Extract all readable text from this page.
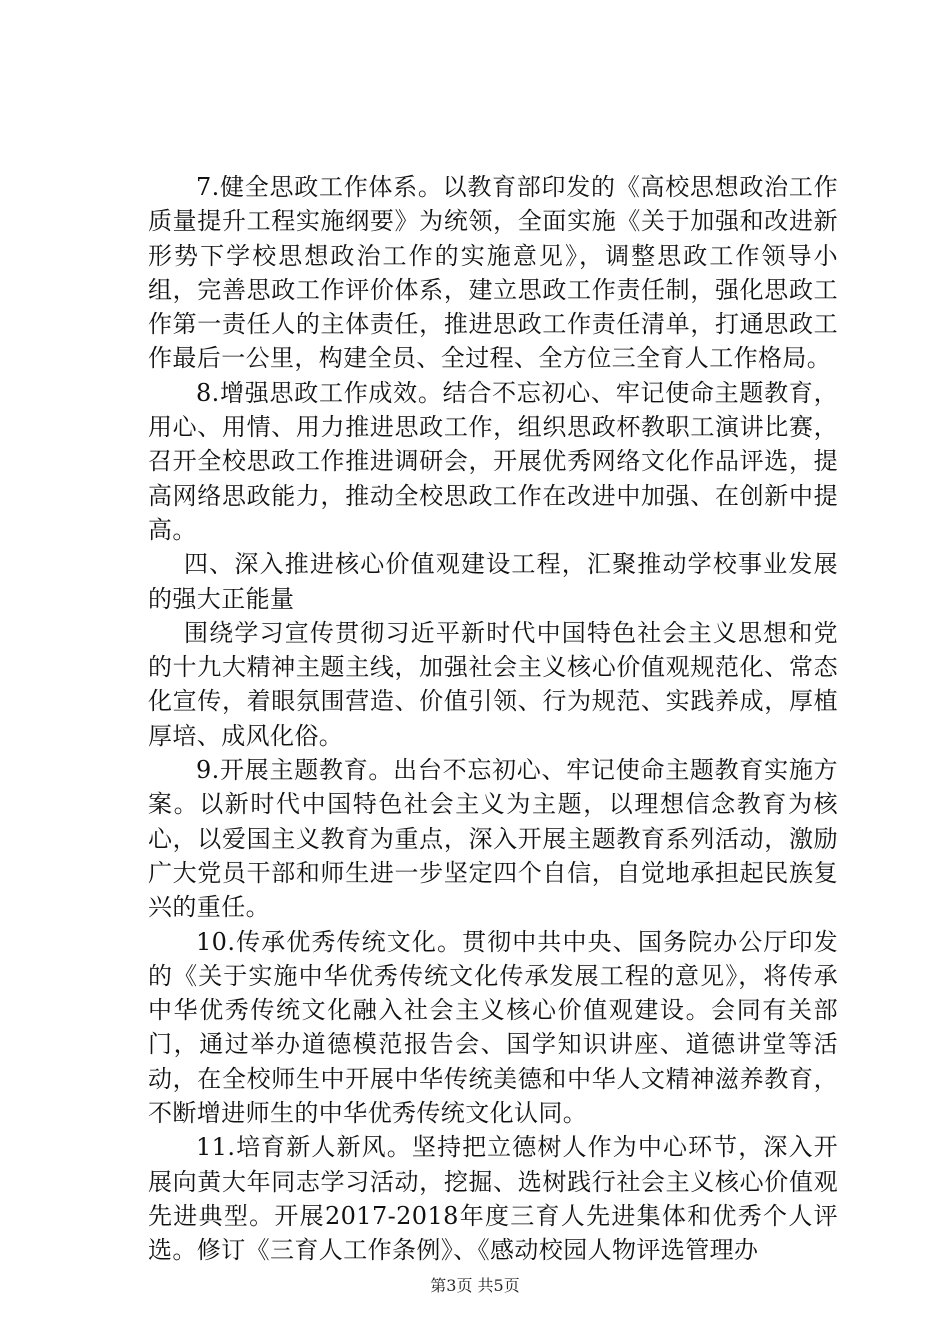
7.健全思政工作体系。以教育部印发的《高校思想政治工作质量提升工程实施纲要》为统领，全面实施《关于加强和改进新形势下学校思想政治工作的实施意见》，调整思政工作领导小组，完善思政工作评价体系，建立思政工作责任制，强化思政工作第一责任人的主体责任，推进思政工作责任清单，打通思政工作最后一公里，构建全员、全过程、全方位三全育人工作格局。

8.增强思政工作成效。结合不忘初心、牢记使命主题教育，用心、用情、用力推进思政工作，组织思政杯教职工演讲比赛，召开全校思政工作推进调研会，开展优秀网络文化作品评选，提高网络思政能力，推动全校思政工作在改进中加强、在创新中提高。

四、深入推进核心价值观建设工程，汇聚推动学校事业发展的强大正能量

围绕学习宣传贯彻习近平新时代中国特色社会主义思想和党的十九大精神主题主线，加强社会主义核心价值观规范化、常态化宣传，着眼氛围营造、价值引领、行为规范、实践养成，厚植厚培、成风化俗。

9.开展主题教育。出台不忘初心、牢记使命主题教育实施方案。以新时代中国特色社会主义为主题，以理想信念教育为核心，以爱国主义教育为重点，深入开展主题教育系列活动，激励广大党员干部和师生进一步坚定四个自信，自觉地承担起民族复兴的重任。

10.传承优秀传统文化。贯彻中共中央、国务院办公厅印发的《关于实施中华优秀传统文化传承发展工程的意见》，将传承中华优秀传统文化融入社会主义核心价值观建设。会同有关部门，通过举办道德模范报告会、国学知识讲座、道德讲堂等活动，在全校师生中开展中华传统美德和中华人文精神滋养教育，不断增进师生的中华优秀传统文化认同。

11.培育新人新风。坚持把立德树人作为中心环节，深入开展向黄大年同志学习活动，挖掘、选树践行社会主义核心价值观先进典型。开展2017-2018年度三育人先进集体和优秀个人评选。修订《三育人工作条例》、《感动校园人物评选管理办

第3页 共5页
